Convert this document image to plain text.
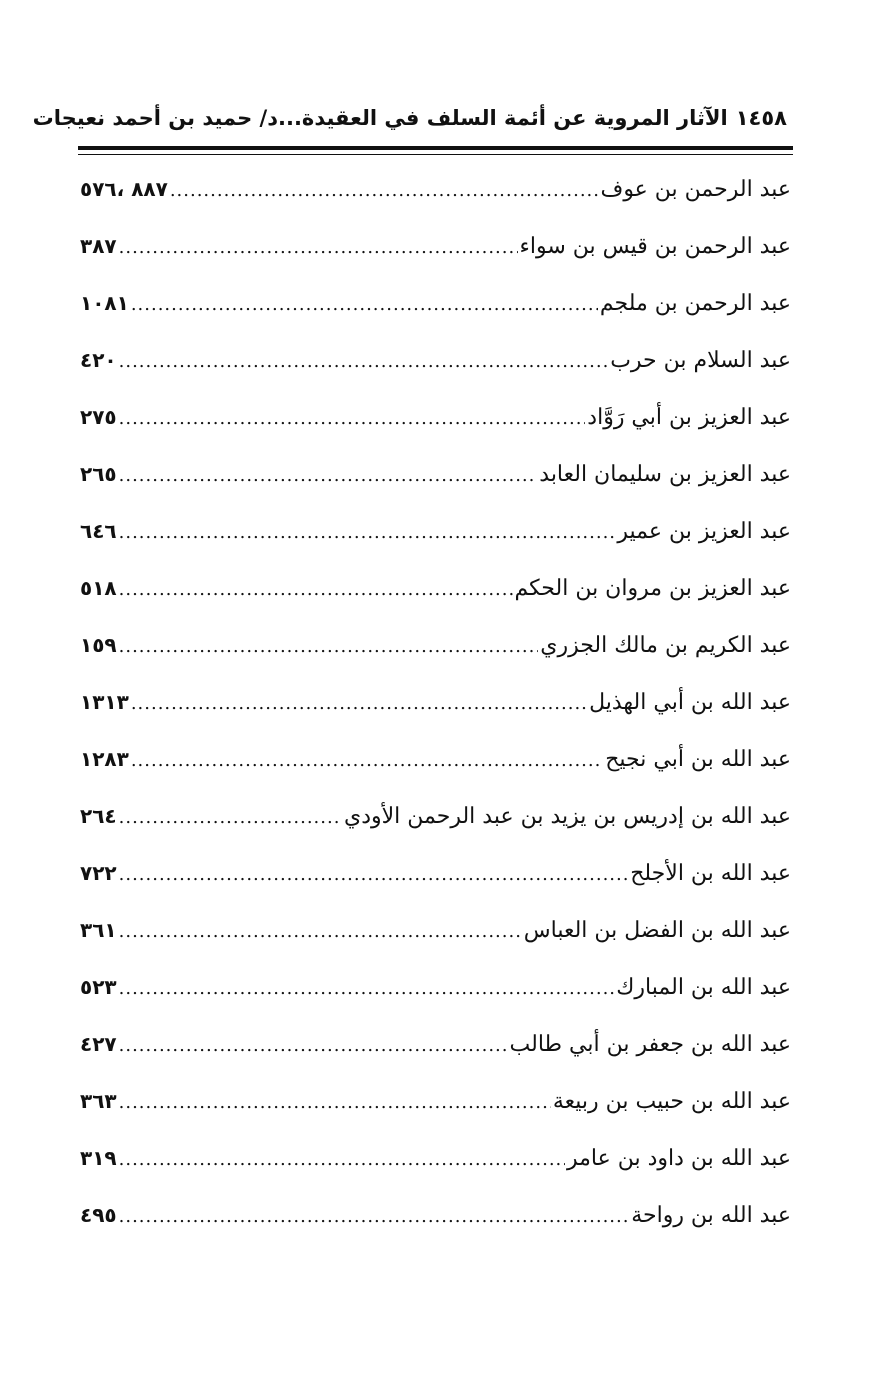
١٤٥٨الآثار المروية عن أئمة السلف في العقيدة...د/ حميد بن أحمد نعيجات
عبد الرحمن بن عوف
.....
٨٨٧ ،٥٧٦
عبد الرحمن بن قيس بن سواء
.....
٣٨٧
عبد الرحمن بن ملجم
.....
١٠٨١
عبد السلام بن حرب
.....
٤٢٠
عبد العزيز بن أبي رَوَّاد
.....
٢٧٥
عبد العزيز بن سليمان العابد
.....
٢٦٥
عبد العزيز بن عمير
.....
٦٤٦
عبد العزيز بن مروان بن الحكم
.....
٥١٨
عبد الكريم بن مالك الجزري
.....
١٥٩
عبد الله بن أبي الهذيل
.....
١٣١٣
عبد الله بن أبي نجيح
.....
١٢٨٣
عبد الله بن إدريس بن يزيد بن عبد الرحمن الأودي
.....
٢٦٤
عبد الله بن الأجلح
.....
٧٢٢
عبد الله بن الفضل بن العباس
.....
٣٦١
عبد الله بن المبارك
.....
٥٢٣
عبد الله بن جعفر بن أبي طالب
.....
٤٢٧
عبد الله بن حبيب بن ربيعة
.....
٣٦٣
عبد الله بن داود بن عامر
.....
٣١٩
عبد الله بن رواحة
.....
٤٩٥
